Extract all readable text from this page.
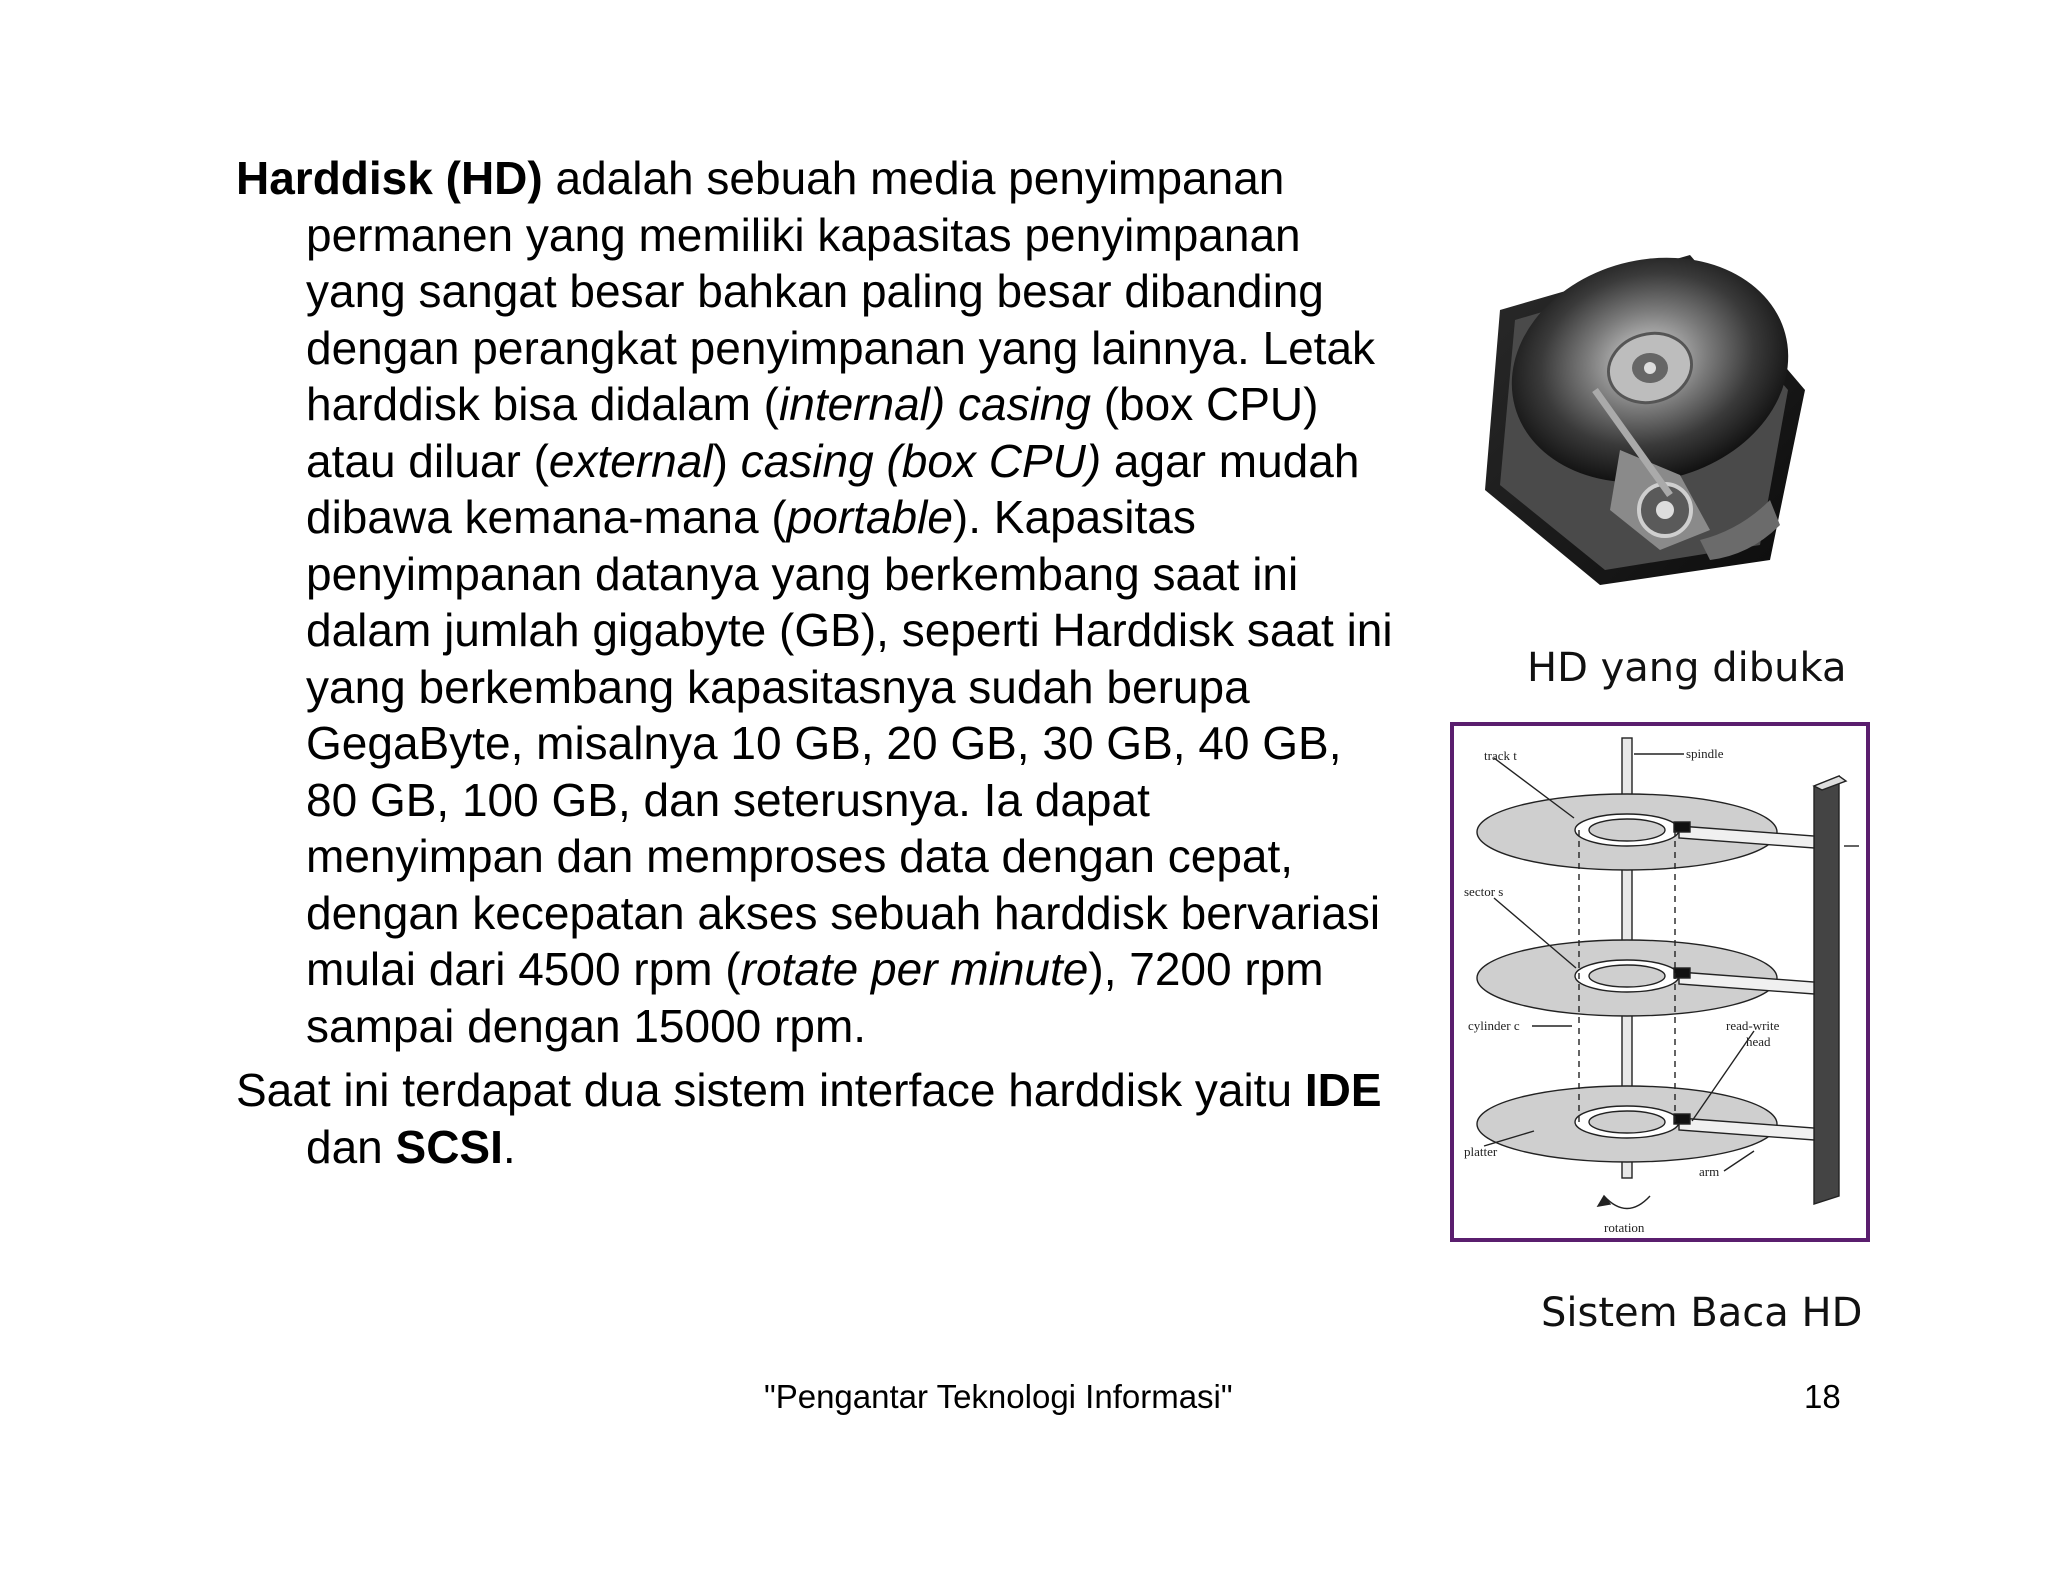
Harddisk (HD) adalah sebuah media penyimpanan permanen yang memiliki kapasitas penyimpanan yang sangat besar bahkan paling besar dibanding dengan perangkat penyimpanan yang lainnya. Letak harddisk bisa didalam (internal) casing (box CPU) atau diluar (external) casing (box CPU) agar mudah dibawa kemana-mana (portable). Kapasitas penyimpanan datanya yang berkembang saat ini dalam jumlah gigabyte (GB), seperti Harddisk saat ini yang berkembang kapasitasnya sudah berupa GegaByte, misalnya 10 GB, 20 GB, 30 GB, 40 GB, 80 GB, 100 GB, dan seterusnya. Ia dapat menyimpan dan memproses data dengan cepat, dengan kecepatan akses sebuah harddisk bervariasi mulai dari 4500 rpm (rotate per minute), 7200 rpm sampai dengan 15000 rpm.

Saat ini terdapat dua sistem interface harddisk yaitu IDE dan SCSI.

HD yang dibuka
track t	spindle
sector s
cylinder c	read-write
head
platter
arm
rotation
Sistem Baca HD
"Pengantar Teknologi Informasi"	18
